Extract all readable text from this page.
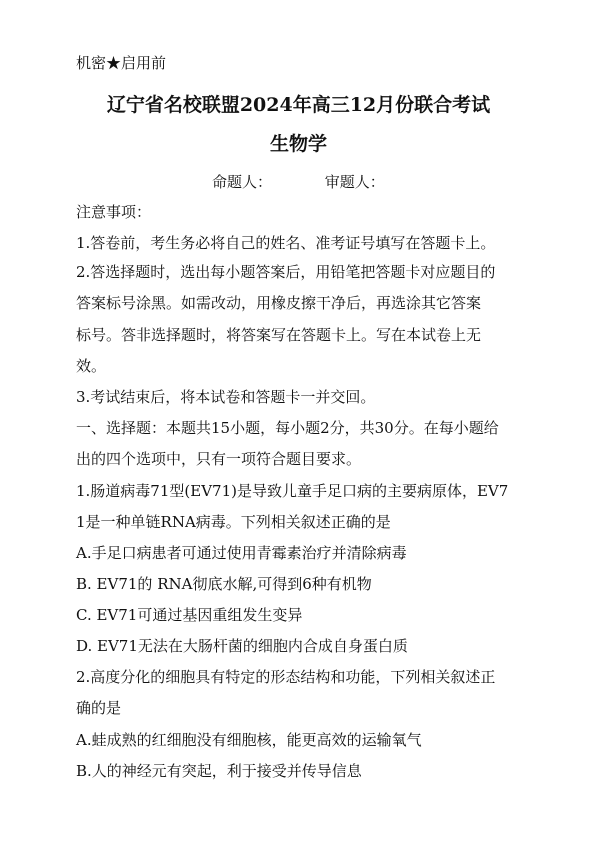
机密★启用前
辽宁省名校联盟2024年高三12月份联合考试
生物学
命题人：	审题人：
注意事项：
1.答卷前，考生务必将自己的姓名、准考证号填写在答题卡上。
2.答选择题时，选出每小题答案后，用铅笔把答题卡对应题目的
答案标号涂黑。如需改动，用橡皮擦干净后，再选涂其它答案
标号。答非选择题时，将答案写在答题卡上。写在本试卷上无
效。
3.考试结束后，将本试卷和答题卡一并交回。
一、选择题：本题共15小题，每小题2分，共30分。在每小题给
出的四个选项中，只有一项符合题目要求。
1.肠道病毒71型(EV71)是导致儿童手足口病的主要病原体，EV7
1是一种单链RNA病毒。下列相关叙述正确的是
A.手足口病患者可通过使用青霉素治疗并清除病毒
B. EV71的 RNA彻底水解,可得到6种有机物
C. EV71可通过基因重组发生变异
D. EV71无法在大肠杆菌的细胞内合成自身蛋白质
2.高度分化的细胞具有特定的形态结构和功能，下列相关叙述正
确的是
A.蛙成熟的红细胞没有细胞核，能更高效的运输氧气
B.人的神经元有突起，利于接受并传导信息
